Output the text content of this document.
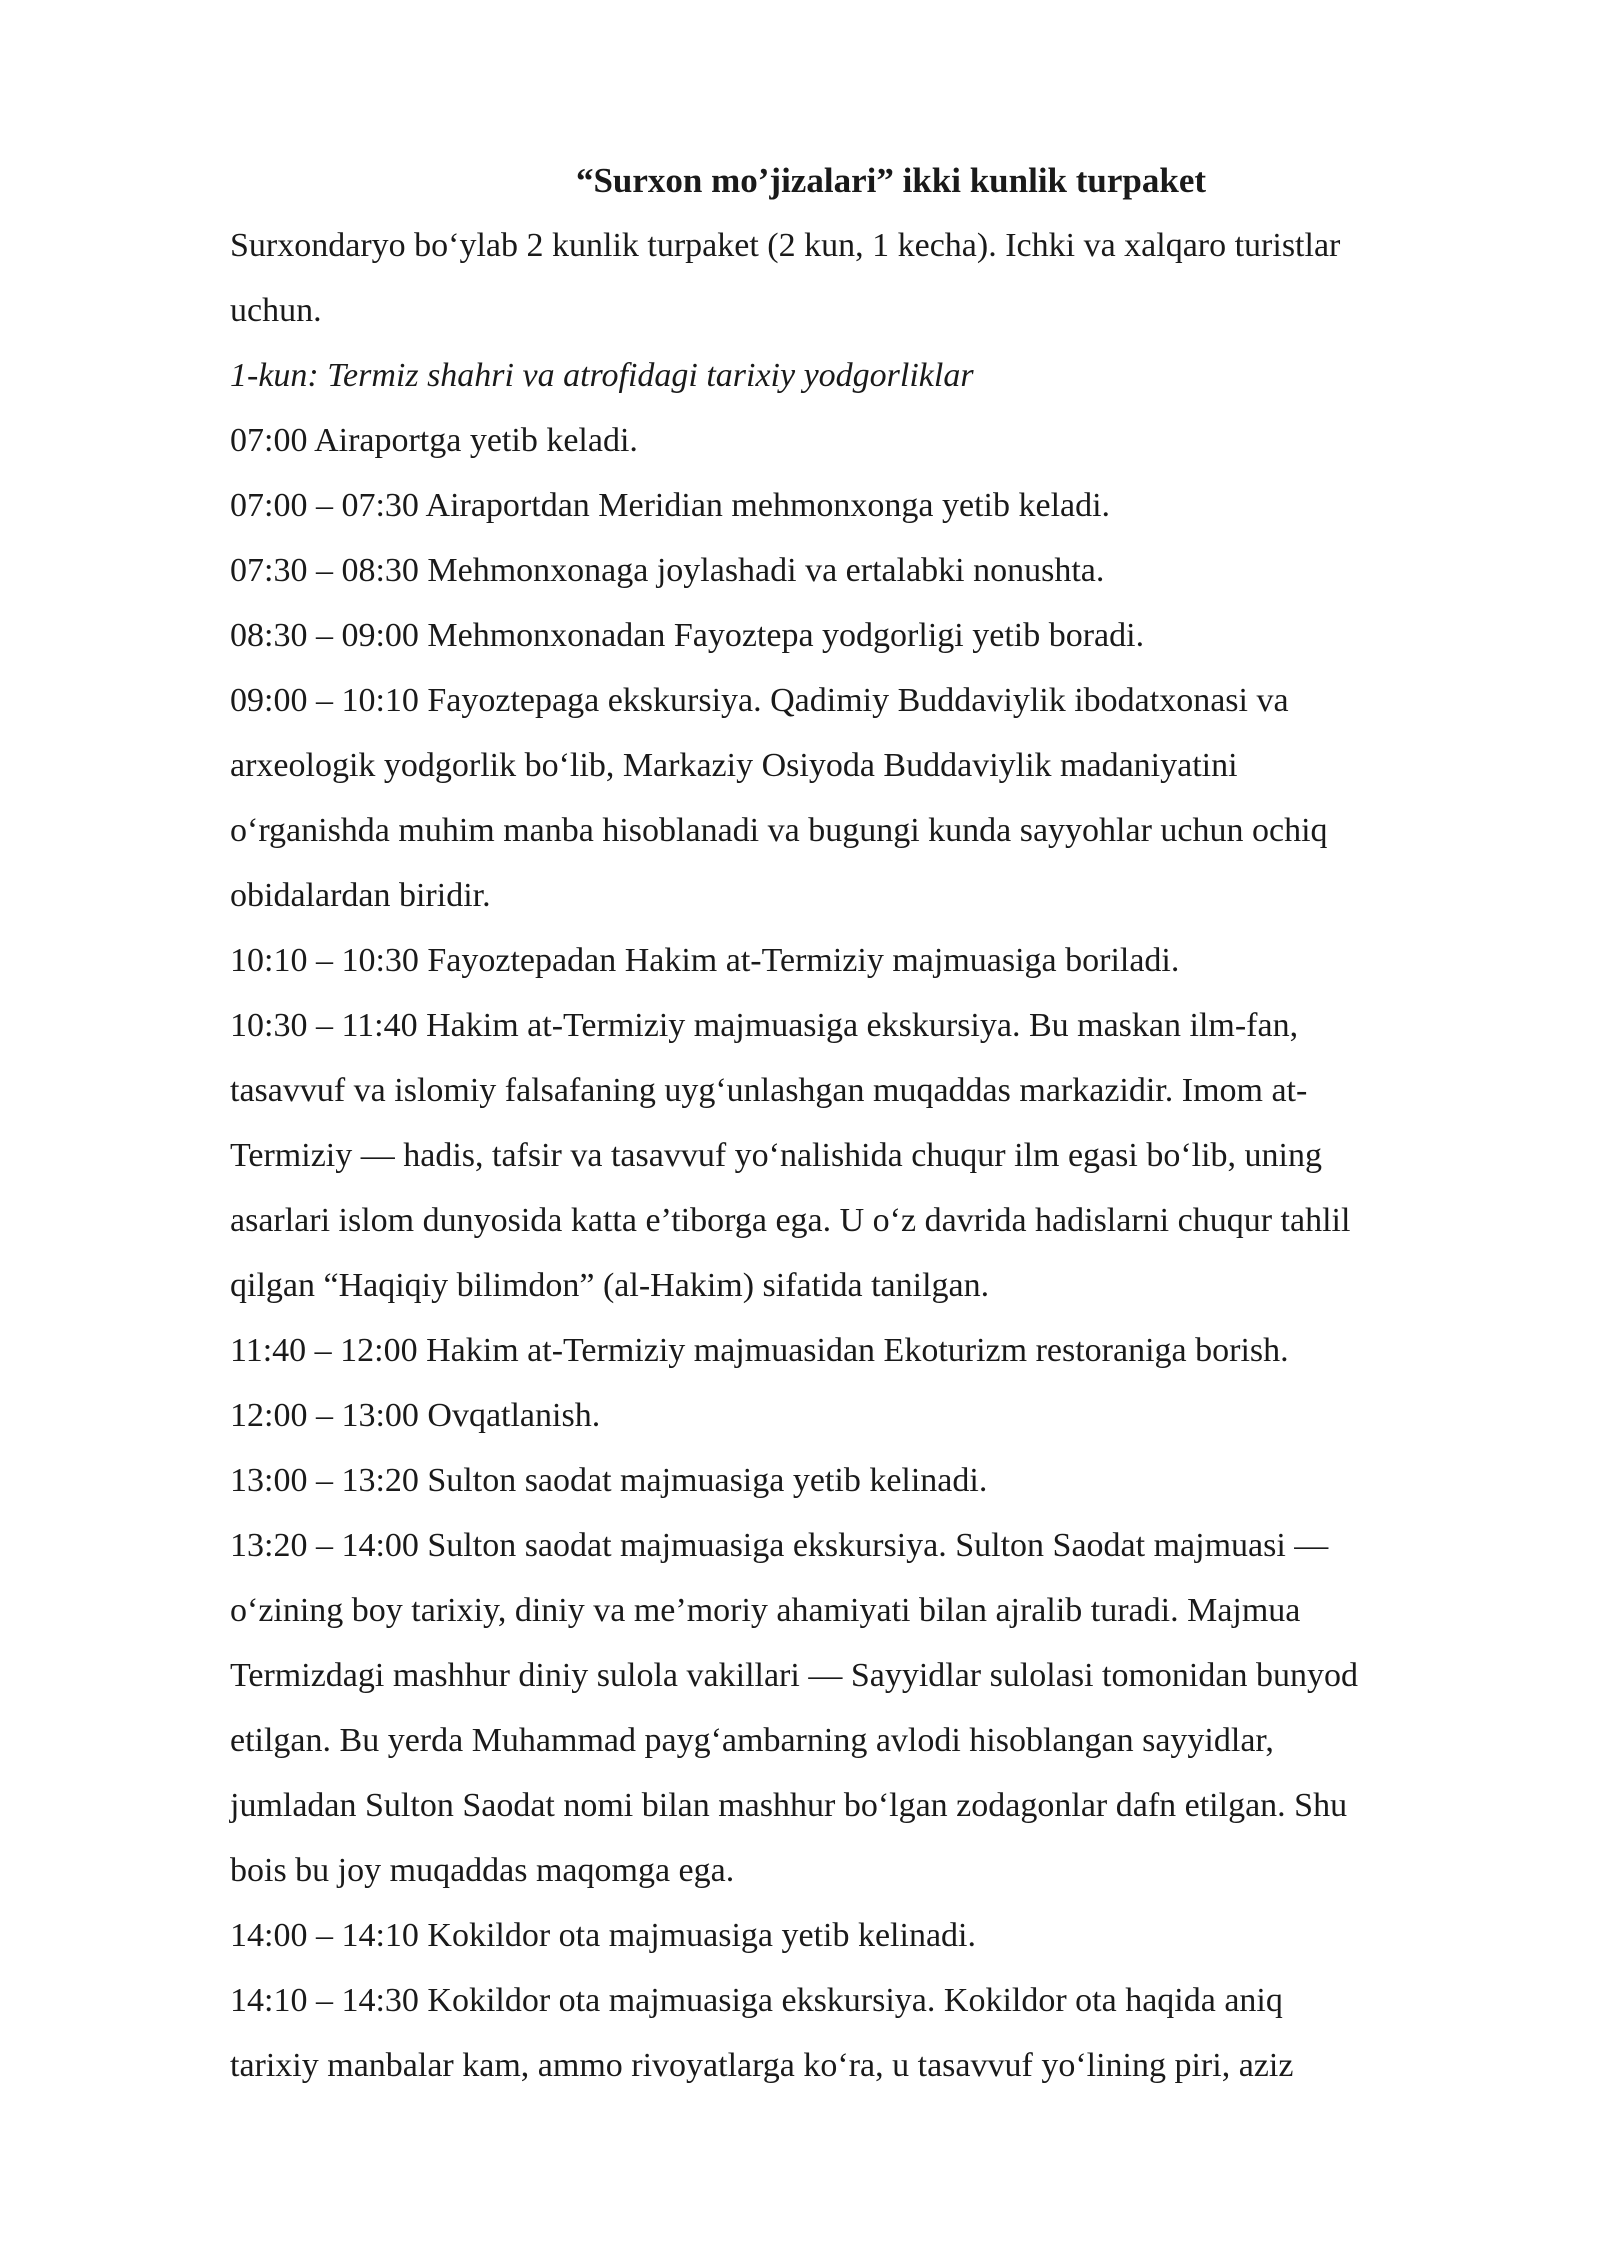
“Surxon mo’jizalari” ikki kunlik turpaket

Surxondaryo bo‘ylab 2 kunlik turpaket (2 kun, 1 kecha). Ichki va xalqaro turistlar

uchun.

1-kun: Termiz shahri va atrofidagi tarixiy yodgorliklar

07:00 Airaportga yetib keladi.

07:00 – 07:30 Airaportdan Meridian mehmonxonga yetib keladi.

07:30 – 08:30 Mehmonxonaga joylashadi va ertalabki nonushta.

08:30 – 09:00 Mehmonxonadan Fayoztepa yodgorligi yetib boradi.

09:00 – 10:10 Fayoztepaga ekskursiya. Qadimiy Buddaviylik ibodatxonasi va

arxeologik yodgorlik bo‘lib, Markaziy Osiyoda Buddaviylik madaniyatini

o‘rganishda muhim manba hisoblanadi va bugungi kunda sayyohlar uchun ochiq

obidalardan biridir.

10:10 – 10:30 Fayoztepadan Hakim at-Termiziy majmuasiga boriladi.

10:30 – 11:40 Hakim at-Termiziy majmuasiga ekskursiya. Bu maskan ilm-fan,

tasavvuf va islomiy falsafaning uyg‘unlashgan muqaddas markazidir. Imom at-

Termiziy — hadis, tafsir va tasavvuf yo‘nalishida chuqur ilm egasi bo‘lib, uning

asarlari islom dunyosida katta e’tiborga ega. U o‘z davrida hadislarni chuqur tahlil

qilgan “Haqiqiy bilimdon” (al-Hakim) sifatida tanilgan.

11:40 – 12:00 Hakim at-Termiziy majmuasidan Ekoturizm restoraniga borish.

12:00 – 13:00 Ovqatlanish.

13:00 – 13:20 Sulton saodat majmuasiga yetib kelinadi.

13:20 – 14:00 Sulton saodat majmuasiga ekskursiya. Sulton Saodat majmuasi —

o‘zining boy tarixiy, diniy va me’moriy ahamiyati bilan ajralib turadi. Majmua

Termizdagi mashhur diniy sulola vakillari — Sayyidlar sulolasi tomonidan bunyod

etilgan. Bu yerda Muhammad payg‘ambarning avlodi hisoblangan sayyidlar,

jumladan Sulton Saodat nomi bilan mashhur bo‘lgan zodagonlar dafn etilgan. Shu

bois bu joy muqaddas maqomga ega.

14:00 – 14:10 Kokildor ota majmuasiga yetib kelinadi.

14:10 – 14:30 Kokildor ota majmuasiga ekskursiya. Kokildor ota haqida aniq

tarixiy manbalar kam, ammo rivoyatlarga ko‘ra, u tasavvuf yo‘lining piri, aziz
